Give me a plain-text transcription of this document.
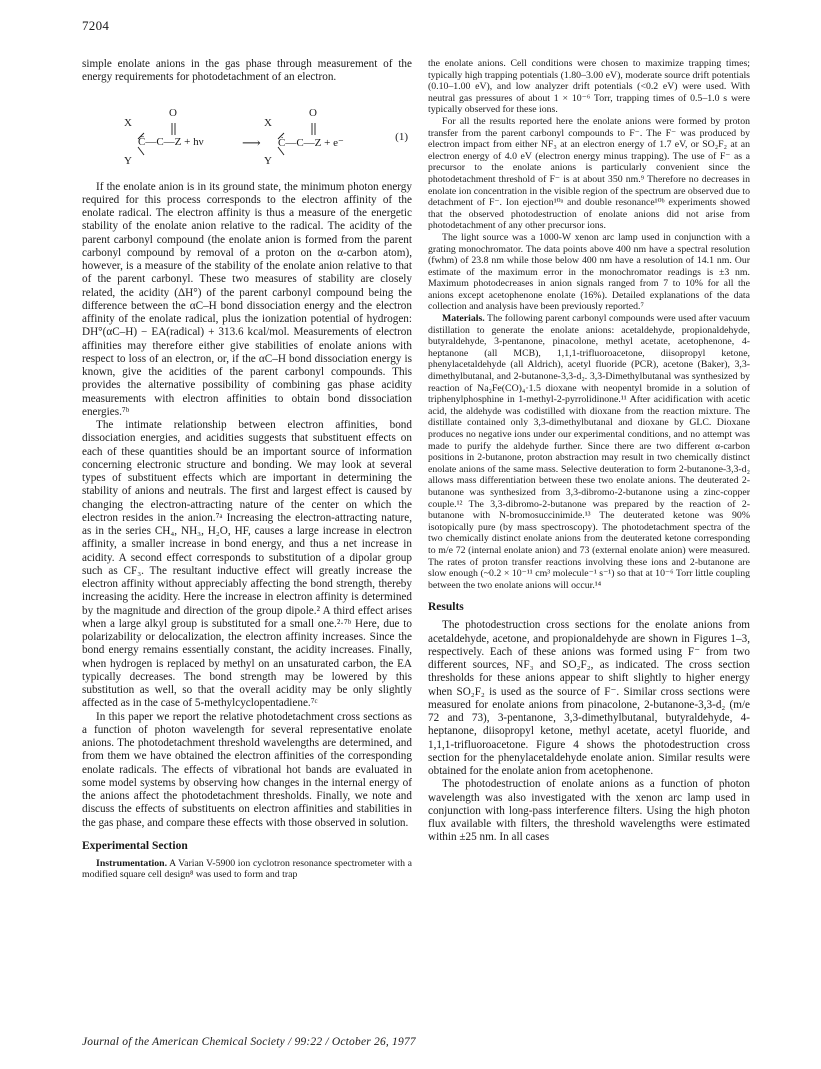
7204

simple enolate anions in the gas phase through measurement of the energy requirements for photodetachment of an electron.

X
Y
O
C̄—C—Z + hν	⟶
X
Y
O
Ċ—C—Z + e⁻	(1)

If the enolate anion is in its ground state, the minimum photon energy required for this process corresponds to the electron affinity of the enolate radical. The electron affinity is thus a measure of the energetic stability of the enolate anion relative to the radical. The acidity of the parent carbonyl compound (the enolate anion is formed from the parent carbonyl compound by removal of a proton on the α-carbon atom), however, is a measure of the stability of the enolate anion relative to that of the parent carbonyl. These two measures of stability are closely related, the acidity (ΔH°) of the parent carbonyl compound being the difference between the αC–H bond dissociation energy and the electron affinity of the enolate radical, plus the ionization potential of hydrogen: DH°(αC–H) − EA(radical) + 313.6 kcal/mol. Measurements of electron affinities may therefore either give stabilities of enolate anions with respect to loss of an electron, or, if the αC–H bond dissociation energy is known, give the acidities of the parent carbonyl compounds. This provides the alternative possibility of combining gas phase acidity measurements with electron affinities to obtain bond dissociation energies.⁷ᵇ

The intimate relationship between electron affinities, bond dissociation energies, and acidities suggests that substituent effects on each of these quantities should be an important source of information concerning electronic structure and bonding. We may look at several types of substituent effects which are important in determining the stability of anions and neutrals. The first and largest effect is caused by changing the electron-attracting nature of the center on which the electron resides in the anion.⁷ᵃ Increasing the electron-attracting nature, as in the series CH₄, NH₃, H₂O, HF, causes a large increase in electron affinity, a smaller increase in bond energy, and thus a net increase in acidity. A second effect corresponds to substitution of a dipolar group such as CF₃. The resultant inductive effect will greatly increase the electron affinity without appreciably affecting the bond strength, thereby increasing the acidity. Here the increase in electron affinity is determined by the magnitude and direction of the group dipole.² A third effect arises when a large alkyl group is substituted for a small one.²·⁷ᵇ Here, due to polarizability or delocalization, the electron affinity increases. Since the bond energy remains essentially constant, the acidity increases. Finally, when hydrogen is replaced by methyl on an unsaturated carbon, the EA typically decreases. The bond strength may be lowered by this substitution as well, so that the overall acidity may be only slightly affected as in the case of 5-methylcyclopentadiene.⁷ᶜ

In this paper we report the relative photodetachment cross sections as a function of photon wavelength for several representative enolate anions. The photodetachment threshold wavelengths are determined, and from them we have obtained the electron affinities of the corresponding enolate radicals. The effects of vibrational hot bands are evaluated in some model systems by observing how changes in the internal energy of the anions affect the photodetachment thresholds. Finally, we note and discuss the effects of substituents on electron affinities and stabilities in the gas phase, and compare these effects with those observed in solution.

Experimental Section

Instrumentation. A Varian V-5900 ion cyclotron resonance spectrometer with a modified square cell design⁸ was used to form and trap

the enolate anions. Cell conditions were chosen to maximize trapping times; typically high trapping potentials (1.80–3.00 eV), moderate source drift potentials (0.10–1.00 eV), and low analyzer drift potentials (<0.2 eV) were used. With neutral gas pressures of about 1 × 10⁻⁶ Torr, trapping times of 0.5–1.0 s were typically observed for these ions.

For all the results reported here the enolate anions were formed by proton transfer from the parent carbonyl compounds to F⁻. The F⁻ was produced by electron impact from either NF₃ at an electron energy of 1.7 eV, or SO₂F₂ at an electron energy of 4.0 eV (electron energy minus trapping). The use of F⁻ as a precursor to the enolate anions is particularly convenient since the photodetachment threshold of F⁻ is at about 350 nm.⁹ Therefore no decreases in enolate ion concentration in the visible region of the spectrum are observed due to detachment of F⁻. Ion ejection¹⁰ᵃ and double resonance¹⁰ᵇ experiments showed that the observed photodestruction of enolate anions did not arise from photodetachment of any other precursor ions.

The light source was a 1000-W xenon arc lamp used in conjunction with a grating monochromator. The data points above 400 nm have a spectral resolution (fwhm) of 23.8 nm while those below 400 nm have a resolution of 14.1 nm. Our estimate of the maximum error in the monochromator readings is ±3 nm. Maximum photodecreases in anion signals ranged from 7 to 10% for all the anions except acetophenone enolate (16%). Detailed explanations of the data collection and analysis have been previously reported.⁷

Materials. The following parent carbonyl compounds were used after vacuum distillation to generate the enolate anions: acetaldehyde, propionaldehyde, butyraldehyde, 3-pentanone, pinacolone, methyl acetate, acetophenone, 4-heptanone (all MCB), 1,1,1-trifluoroacetone, diisopropyl ketone, phenylacetaldehyde (all Aldrich), acetyl fluoride (PCR), acetone (Baker), 3,3-dimethylbutanal, and 2-butanone-3,3-d₂. 3,3-Dimethylbutanal was synthesized by reaction of Na₂Fe(CO)₄·1.5 dioxane with neopentyl bromide in a solution of triphenylphosphine in 1-methyl-2-pyrrolidinone.¹¹ After acidification with acetic acid, the aldehyde was codistilled with dioxane from the reaction mixture. The distillate contained only 3,3-dimethylbutanal and dioxane by GLC. Dioxane produces no negative ions under our experimental conditions, and no attempt was made to purify the aldehyde further. Since there are two different α-carbon positions in 2-butanone, proton abstraction may result in two chemically distinct enolate anions of the same mass. Selective deuteration to form 2-butanone-3,3-d₂ allows mass differentiation between these two enolate anions. The deuterated 2-butanone was synthesized from 3,3-dibromo-2-butanone using a zinc-copper couple.¹² The 3,3-dibromo-2-butanone was prepared by the reaction of 2-butanone with N-bromosuccinimide.¹³ The deuterated ketone was 90% isotopically pure (by mass spectroscopy). The photodetachment spectra of the two chemically distinct enolate anions from the deuterated ketone corresponding to m/e 72 (internal enolate anion) and 73 (external enolate anion) were measured. The rates of proton transfer reactions involving these ions and 2-butanone are slow enough (~0.2 × 10⁻¹¹ cm³ molecule⁻¹ s⁻¹) so that at 10⁻⁶ Torr little coupling between the two enolate anions will occur.¹⁴

Results

The photodestruction cross sections for the enolate anions from acetaldehyde, acetone, and propionaldehyde are shown in Figures 1–3, respectively. Each of these anions was formed using F⁻ from two different sources, NF₃ and SO₂F₂, as indicated. The cross section thresholds for these anions appear to shift slightly to higher energy when SO₂F₂ is used as the source of F⁻. Similar cross sections were measured for enolate anions from pinacolone, 2-butanone-3,3-d₂ (m/e 72 and 73), 3-pentanone, 3,3-dimethylbutanal, butyraldehyde, 4-heptanone, diisopropyl ketone, methyl acetate, acetyl fluoride, and 1,1,1-trifluoroacetone. Figure 4 shows the photodestruction cross section for the phenylacetaldehyde enolate anion. Similar results were obtained for the enolate anion from acetophenone.

The photodestruction of enolate anions as a function of photon wavelength was also investigated with the xenon arc lamp used in conjunction with long-pass interference filters. Using the high photon flux available with filters, the threshold wavelengths were estimated within ±25 nm. In all cases

Journal of the American Chemical Society / 99:22 / October 26, 1977
